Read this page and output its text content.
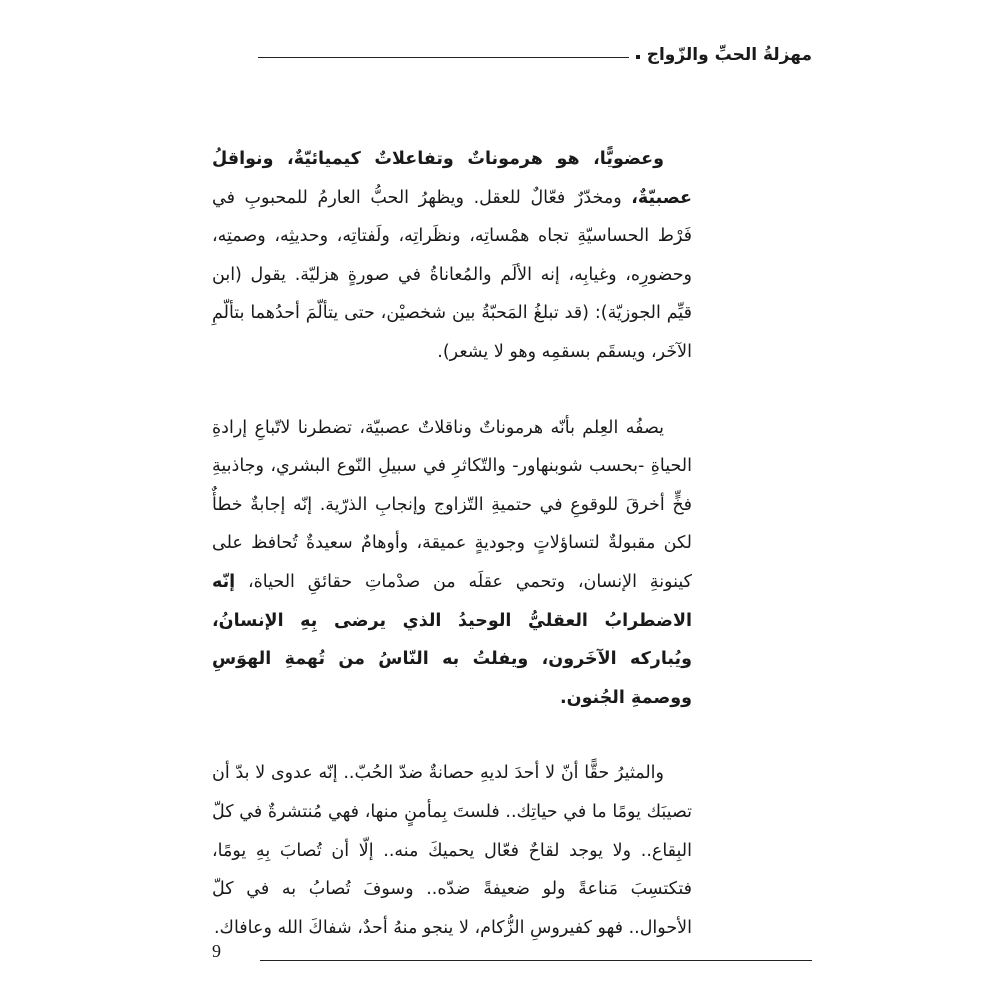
مهزلةُ الحبِّ والزّواج

وعضويًّا، هو هرموناتٌ وتفاعلاتٌ كيميائيّةٌ، ونواقلُ عصبيّةٌ، ومخدّرٌ فعّالٌ للعقل. ويظهرُ الحبُّ العارمُ للمحبوبِ في فَرْط الحساسيّةِ تجاه همْساتِه، ونظَراتِه، ولَفتاتِه، وحديثِه، وصمتِه، وحضورِه، وغيابِه، إنه الألَم والمُعاناةُ في صورةٍ هزليّة. يقول (ابن قيِّم الجوزيّة): (قد تبلغُ المَحبّةُ بين شخصيْن، حتى يتألّمَ أحدُهما بتألّمِ الآخَر، ويسقَم بسقمِه وهو لا يشعر).

يصفُه العِلم بأنّه هرموناتٌ وناقلاتٌ عصبيّة، تضطرنا لاتّباعِ إرادةِ الحياةِ -بحسب شوبنهاور- والتّكاثرِ في سبيلِ النّوع البشري، وجاذبيةِ فخٍّ أخرقَ للوقوعِ في حتميةِ التّزاوج وإنجابِ الذرّية. إنّه إجابةٌ خطأٌ لكن مقبولةٌ لتساؤلاتٍ وجوديةٍ عميقة، وأوهامٌ سعيدةٌ تُحافظ على كينونةِ الإنسان، وتحمي عقلَه من صدْماتِ حقائقِ الحياة، إنّه الاضطرابُ العقليُّ الوحيدُ الذي يرضى بِهِ الإنسانُ، ويُباركه الآخَرون، ويفلتُ به النّاسُ من تُهمةِ الهوَسِ ووصمةِ الجُنون.

والمثيرُ حقًّا أنّ لا أحدَ لديهِ حصانةٌ ضدّ الحُبّ.. إنّه عدوى لا بدّ أن تصيبَك يومًا ما في حياتِك.. فلستَ بِمأمنٍ منها، فهي مُنتشرةٌ في كلّ البِقاع.. ولا يوجد لقاحٌ فعّال يحميكَ منه.. إلّا أن تُصابَ بِهِ يومًا، فتكتسِبَ مَناعةً ولو ضعيفةً ضدّه.. وسوفَ تُصابُ به في كلّ الأحوال.. فهو كفيروسِ الزُّكام، لا ينجو منهُ أحدٌ، شفاكَ الله وعافاك.

9
